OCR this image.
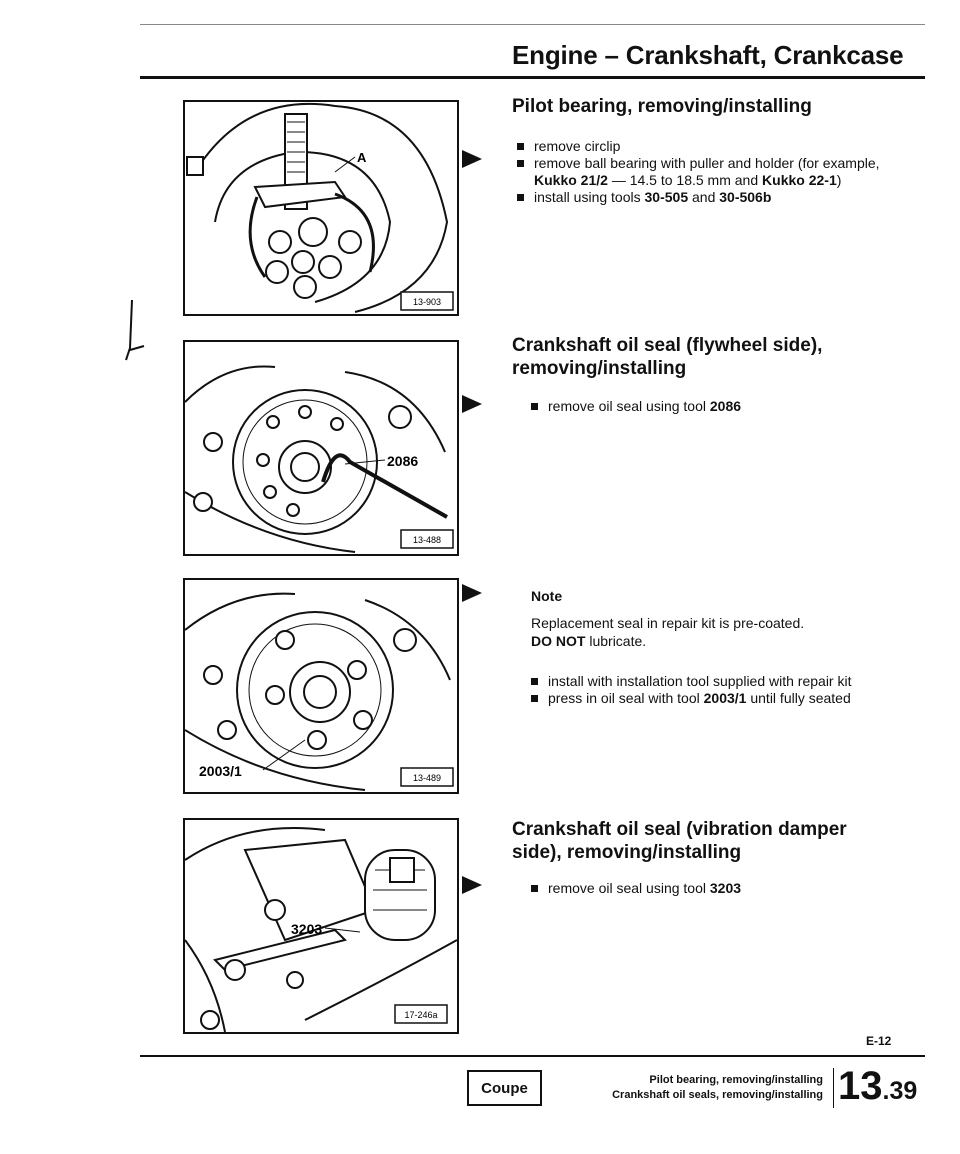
Engine – Crankshaft, Crankcase
A
13-903
2086
13-488
2003/1	13-489
3203
17-246a
Pilot bearing, removing/installing
remove circlip
remove ball bearing with puller and holder (for example, Kukko 21/2 — 14.5 to 18.5 mm and Kukko 22-1)
install using tools 30-505 and 30-506b
Crankshaft oil seal (flywheel side),
removing/installing
remove oil seal using tool 2086
Note
Replacement seal in repair kit is pre-coated.
DO NOT lubricate.
install with installation tool supplied with repair kit
press in oil seal with tool 2003/1 until fully seated
Crankshaft oil seal (vibration damper
side), removing/installing
remove oil seal using tool 3203
E-12
Coupe	Pilot bearing, removing/installing
Crankshaft oil seals, removing/installing 13.39
